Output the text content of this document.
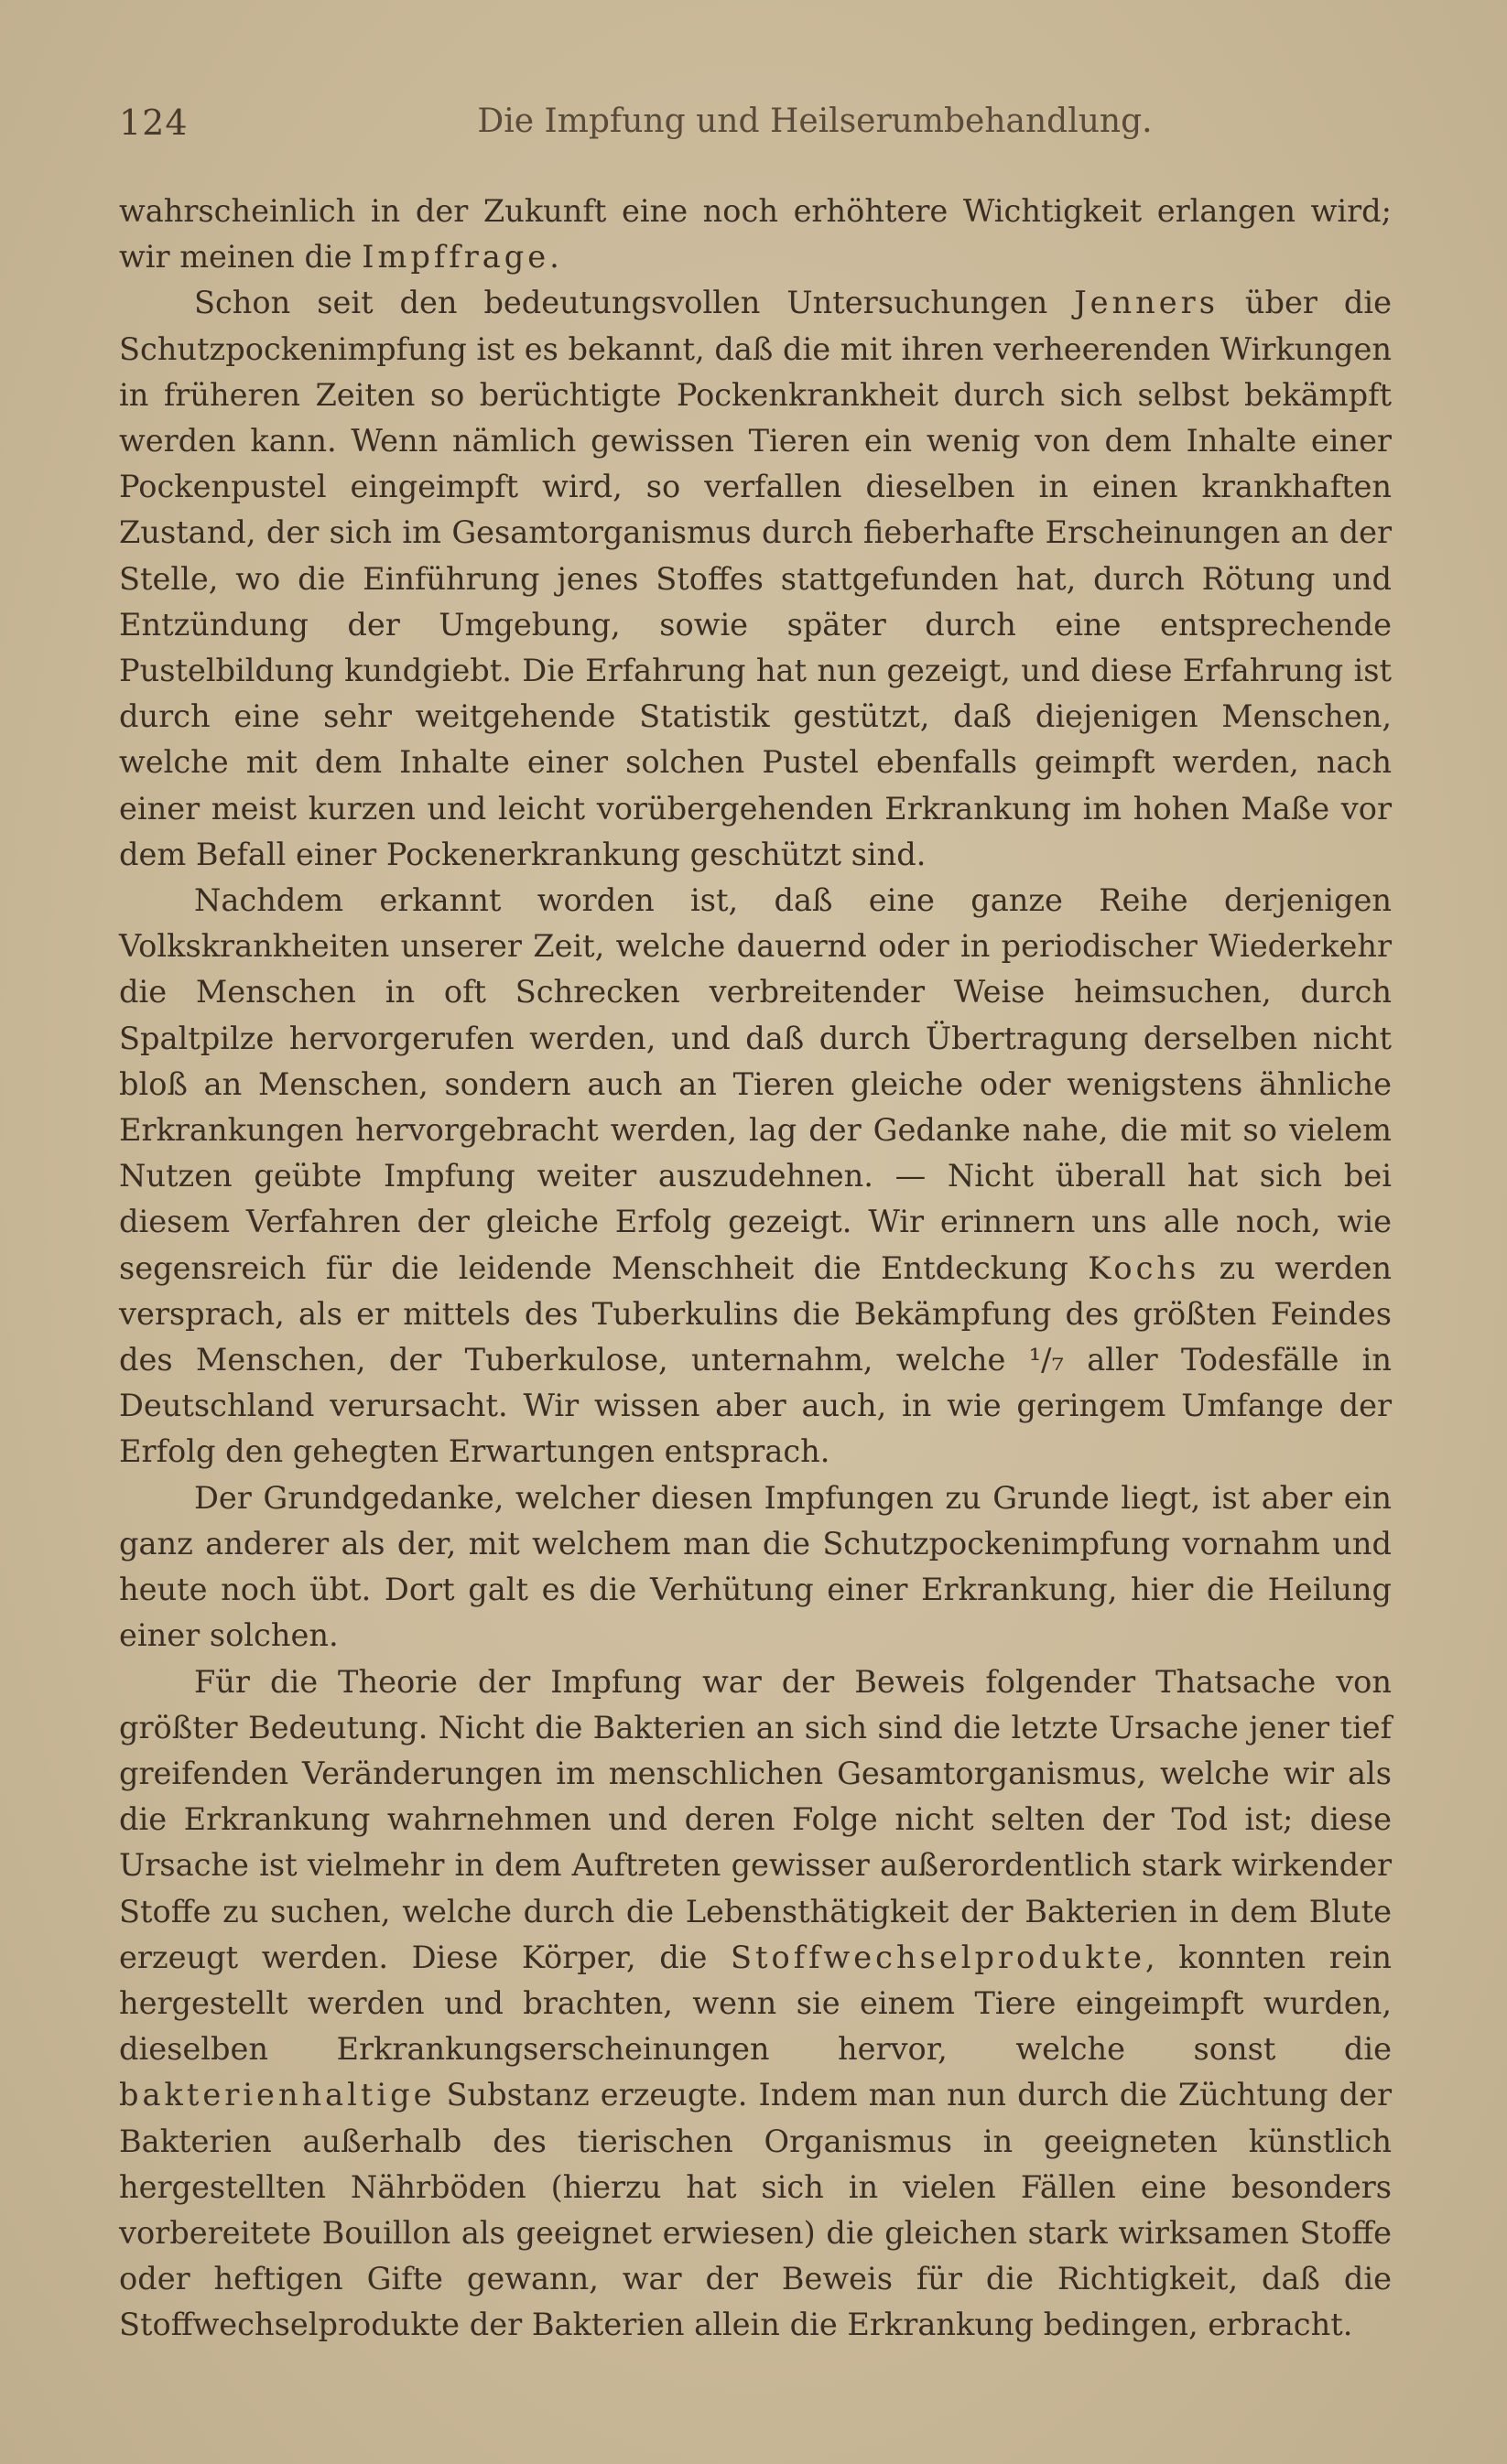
124	Die Impfung und Heilserumbehandlung.

wahrscheinlich in der Zukunft eine noch erhöhtere Wichtigkeit erlangen wird; wir meinen die Impffrage.

Schon seit den bedeutungsvollen Untersuchungen Jenners über die Schutzpockenimpfung ist es bekannt, daß die mit ihren verheerenden Wirkungen in früheren Zeiten so berüchtigte Pockenkrankheit durch sich selbst bekämpft werden kann. Wenn nämlich gewissen Tieren ein wenig von dem Inhalte einer Pockenpustel eingeimpft wird, so verfallen dieselben in einen krankhaften Zustand, der sich im Gesamtorganismus durch fieberhafte Erscheinungen an der Stelle, wo die Einführung jenes Stoffes stattgefunden hat, durch Rötung und Entzündung der Umgebung, sowie später durch eine entsprechende Pustelbildung kundgiebt. Die Erfahrung hat nun gezeigt, und diese Erfahrung ist durch eine sehr weitgehende Statistik gestützt, daß diejenigen Menschen, welche mit dem Inhalte einer solchen Pustel ebenfalls geimpft werden, nach einer meist kurzen und leicht vorübergehenden Erkrankung im hohen Maße vor dem Befall einer Pockenerkrankung geschützt sind.

Nachdem erkannt worden ist, daß eine ganze Reihe derjenigen Volkskrankheiten unserer Zeit, welche dauernd oder in periodischer Wiederkehr die Menschen in oft Schrecken verbreitender Weise heimsuchen, durch Spaltpilze hervorgerufen werden, und daß durch Übertragung derselben nicht bloß an Menschen, sondern auch an Tieren gleiche oder wenigstens ähnliche Erkrankungen hervorgebracht werden, lag der Gedanke nahe, die mit so vielem Nutzen geübte Impfung weiter auszudehnen. — Nicht überall hat sich bei diesem Verfahren der gleiche Erfolg gezeigt. Wir erinnern uns alle noch, wie segensreich für die leidende Menschheit die Entdeckung Kochs zu werden versprach, als er mittels des Tuberkulins die Bekämpfung des größten Feindes des Menschen, der Tuberkulose, unternahm, welche ¹/₇ aller Todesfälle in Deutschland verursacht. Wir wissen aber auch, in wie geringem Umfange der Erfolg den gehegten Erwartungen entsprach.

Der Grundgedanke, welcher diesen Impfungen zu Grunde liegt, ist aber ein ganz anderer als der, mit welchem man die Schutzpockenimpfung vornahm und heute noch übt. Dort galt es die Verhütung einer Erkrankung, hier die Heilung einer solchen.

Für die Theorie der Impfung war der Beweis folgender Thatsache von größter Bedeutung. Nicht die Bakterien an sich sind die letzte Ursache jener tief greifenden Veränderungen im menschlichen Gesamtorganismus, welche wir als die Erkrankung wahrnehmen und deren Folge nicht selten der Tod ist; diese Ursache ist vielmehr in dem Auftreten gewisser außerordentlich stark wirkender Stoffe zu suchen, welche durch die Lebensthätigkeit der Bakterien in dem Blute erzeugt werden. Diese Körper, die Stoffwechselprodukte, konnten rein hergestellt werden und brachten, wenn sie einem Tiere eingeimpft wurden, dieselben Erkrankungserscheinungen hervor, welche sonst die bakterienhaltige Substanz erzeugte. Indem man nun durch die Züchtung der Bakterien außerhalb des tierischen Organismus in geeigneten künstlich hergestellten Nährböden (hierzu hat sich in vielen Fällen eine besonders vorbereitete Bouillon als geeignet erwiesen) die gleichen stark wirksamen Stoffe oder heftigen Gifte gewann, war der Beweis für die Richtigkeit, daß die Stoffwechselprodukte der Bakterien allein die Erkrankung bedingen, erbracht.
